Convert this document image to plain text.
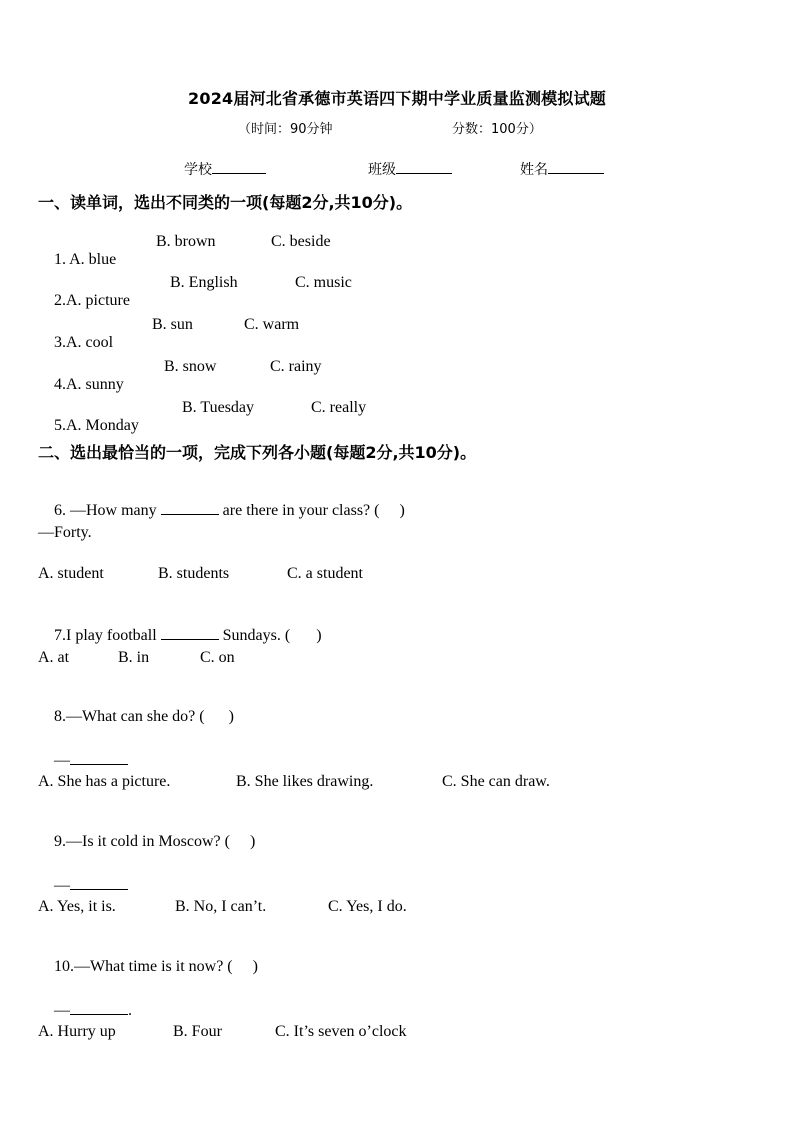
2024届河北省承德市英语四下期中学业质量监测模拟试题
（时间：90分钟	分数：100分）
学校	班级	姓名
一、读单词，选出不同类的一项(每题2分,共10分)。

1. A. blue

B. brown	C. beside

2.A. picture

B. English	C. music

3.A. cool

B. sun	C. warm

4.A. sunny

B. snow	C. rainy

5.A. Monday

B. Tuesday	C. really
二、选出最恰当的一项，完成下列各小题(每题2分,共10分)。

6. —How many	are there in your class? ( )

—Forty.
A. student	B. students	C. a student

7.I play football	Sundays. ( )

A. at	B. in	C. on

8.—What can she do? ( )

—

A. She has a picture.	B. She likes drawing.	C. She can draw.

9.—Is it cold in Moscow? ( )

—

A. Yes, it is.	B. No, I can’t.	C. Yes, I do.

10.—What time is it now? ( )

—	.

A. Hurry up	B. Four	C. It’s seven o’clock
